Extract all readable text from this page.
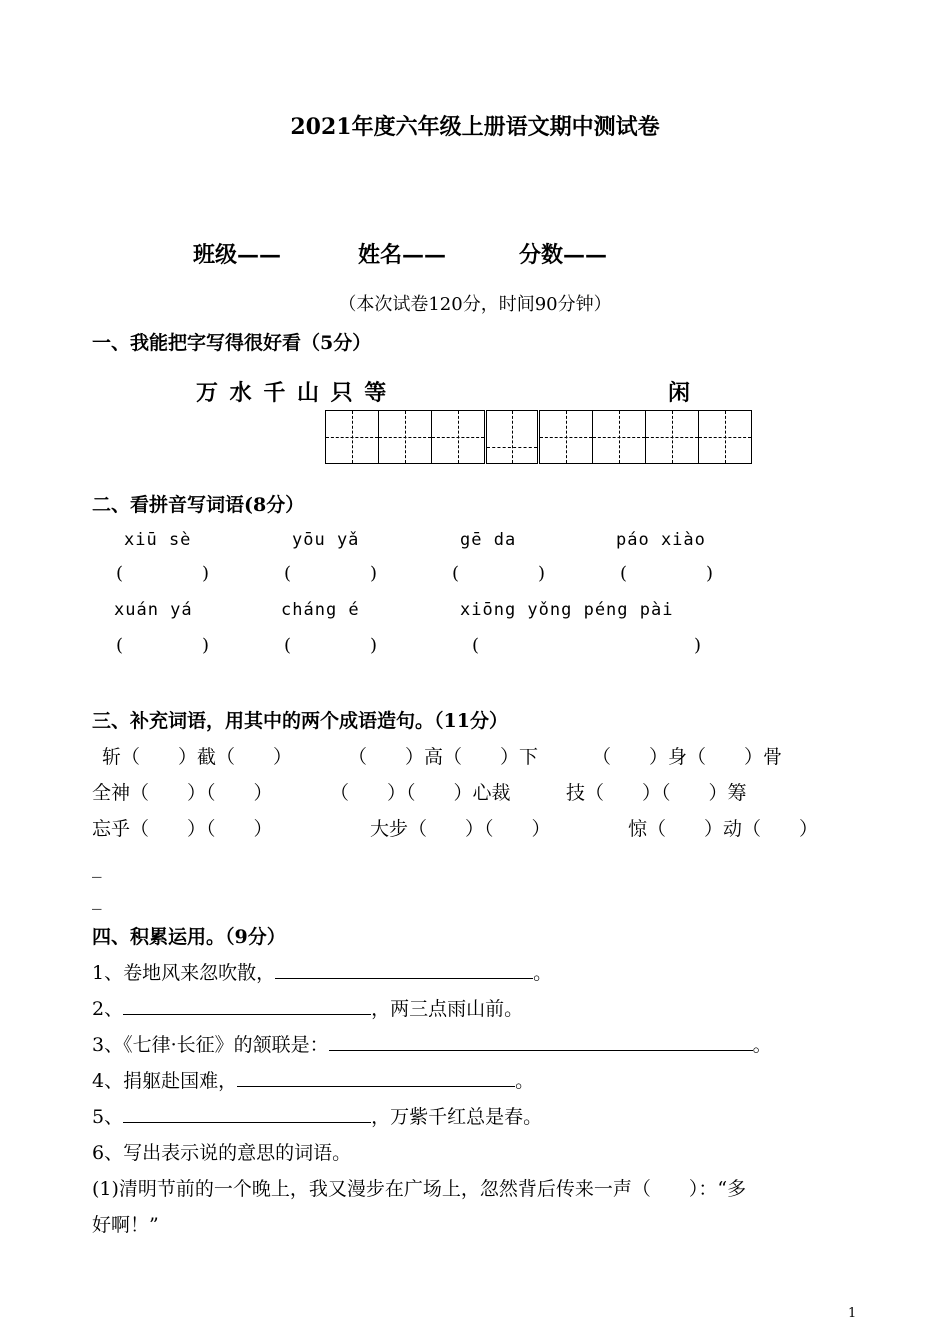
2021年度六年级上册语文期中测试卷
班级——	姓名——	分数——
（本次试卷120分，时间90分钟）
一、我能把字写得很好看（5分）
万 水 千 山 只 等	闲
二、看拼音写词语(8分）
xiū sè	yōu yǎ	gē da	páo xiào
(	)	(	)	(	)	(	)
xuán yá	cháng é	xiōng yǒng péng pài
(	)	(	)	(	)
三、补充词语，用其中的两个成语造句。（11分）
斩（　　）截（　　）	（　　）高（　　）下	（　　）身（　　）骨
全神（　　）（　　）	（　　）（　　）心裁	技（　　）（　　）筹
忘乎（　　）（　　）	大步（　　）（　　）	惊（　　）动（　　）
_
_
四、积累运用。（9分）
1、卷地风来忽吹散，	。
2、	，两三点雨山前。
3、《七律·长征》的颔联是：	。
4、捐躯赴国难，	。
5、	，万紫千红总是春。
6、写出表示说的意思的词语。
(1)清明节前的一个晚上，我又漫步在广场上，忽然背后传来一声（　　）：“多
好啊！”
1
